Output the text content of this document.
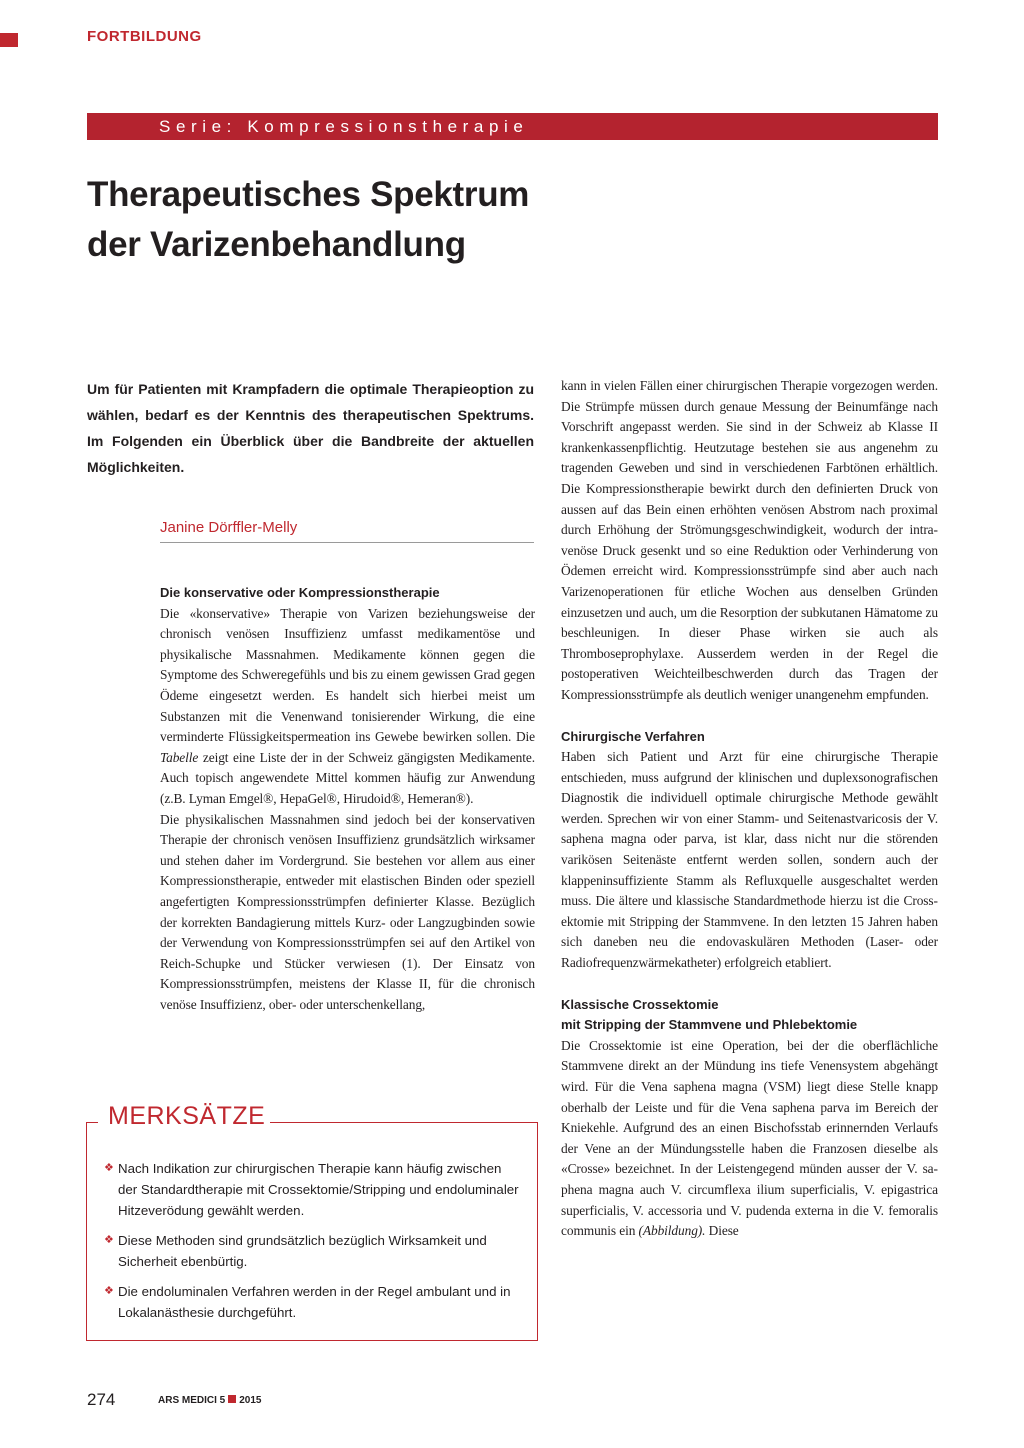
FORTBILDUNG
Serie: Kompressionstherapie
Therapeutisches Spektrum
der Varizenbehandlung
Um für Patienten mit Krampfadern die optimale Therapieoption zu wählen, bedarf es der Kenntnis des therapeutischen Spektrums. Im Folgenden ein Überblick über die Bandbreite der aktuellen Möglichkeiten.
Janine Dörffler-Melly

Die konservative oder Kompressionstherapie

Die «konservative» Therapie von Varizen beziehungsweise der chronisch venösen Insuffizienz umfasst medikamentöse und physikalische Massnahmen. Medikamente können gegen die Symptome des Schweregefühls und bis zu einem gewissen Grad gegen Ödeme eingesetzt werden. Es handelt sich hierbei meist um Substanzen mit die Venenwand tonisierender Wirkung, die eine verminderte Flüssigkeitspermeation ins Gewebe bewirken sollen. Die Tabelle zeigt eine Liste der in der Schweiz gängigsten Medikamente. Auch topisch angewendete Mittel kommen häufig zur Anwendung (z.B. Lyman Emgel®, HepaGel®, Hirudoid®, Hemeran®).

Die physikalischen Massnahmen sind jedoch bei der konservativen Therapie der chronisch venösen Insuffizienz grundsätzlich wirksamer und stehen daher im Vordergrund. Sie bestehen vor allem aus einer Kompressionstherapie, entweder mit elastischen Binden oder speziell angefertigten Kompressionsstrümpfen definierter Klasse. Bezüglich der korrekten Bandagierung mittels Kurz- oder Langzugbinden sowie der Verwendung von Kompressionsstrümpfen sei auf den Artikel von Reich-Schupke und Stücker verwiesen (1). Der Einsatz von Kompressionsstrümpfen, meistens der Klasse II, für die chronisch venöse Insuffizienz, ober- oder unterschenkellang,

kann in vielen Fällen einer chirurgischen Therapie vorgezogen werden. Die Strümpfe müssen durch genaue Messung der Beinumfänge nach Vorschrift angepasst werden. Sie sind in der Schweiz ab Klasse II krankenkassenpflichtig. Heutzutage bestehen sie aus angenehm zu tragenden Geweben und sind in verschiedenen Farbtönen erhältlich. Die Kompressionstherapie bewirkt durch den definierten Druck von aussen auf das Bein einen erhöhten venösen Abstrom nach proximal durch Erhöhung der Strömungsgeschwindigkeit, wodurch der intravenöse Druck gesenkt und so eine Reduktion oder Verhinderung von Ödemen erreicht wird. Kompressionsstrümpfe sind aber auch nach Varizenoperationen für etliche Wochen aus denselben Gründen einzusetzen und auch, um die Resorption der subkutanen Hämatome zu beschleunigen. In dieser Phase wirken sie auch als Thromboseprophylaxe. Ausserdem werden in der Regel die postoperativen Weichteilbeschwerden durch das Tragen der Kompressionsstrümpfe als deutlich weniger unangenehm empfunden.

Chirurgische Verfahren

Haben sich Patient und Arzt für eine chirurgische Therapie entschieden, muss aufgrund der klinischen und duplexsonografischen Diagnostik die individuell optimale chirurgische Methode gewählt werden. Sprechen wir von einer Stamm- und Seitenastvaricosis der V. saphena magna oder parva, ist klar, dass nicht nur die störenden varikösen Seitenäste entfernt werden sollen, sondern auch der klappeninsuffiziente Stamm als Refluxquelle ausgeschaltet werden muss. Die ältere und klassische Standardmethode hierzu ist die Crossektomie mit Stripping der Stammvene. In den letzten 15 Jahren haben sich daneben neu die endovaskulären Methoden (Laser- oder Radiofrequenzwärmekatheter) erfolgreich etabliert.

Klassische Crossektomie

mit Stripping der Stammvene und Phlebektomie

Die Crossektomie ist eine Operation, bei der die oberflächliche Stammvene direkt an der Mündung ins tiefe Venensystem abgehängt wird. Für die Vena saphena magna (VSM) liegt diese Stelle knapp oberhalb der Leiste und für die Vena saphena parva im Bereich der Kniekehle. Aufgrund des an einen Bischofsstab erinnernden Verlaufs der Vene an der Mündungsstelle haben die Franzosen dieselbe als «Crosse» bezeichnet. In der Leistengegend münden ausser der V. saphena magna auch V. circumflexa ilium superficialis, V. epigastrica superficialis, V. accessoria und V. pudenda externa in die V. femoralis communis ein (Abbildung). Diese

MERKSÄTZE
❖ Nach Indikation zur chirurgischen Therapie kann häufig zwischen der Standardtherapie mit Crossektomie/Stripping und endoluminaler Hitzeverödung gewählt werden.
❖ Diese Methoden sind grundsätzlich bezüglich Wirksamkeit und Sicherheit ebenbürtig.
❖ Die endoluminalen Verfahren werden in der Regel ambulant und in Lokalanästhesie durchgeführt.
274	ARS MEDICI 5 2015
